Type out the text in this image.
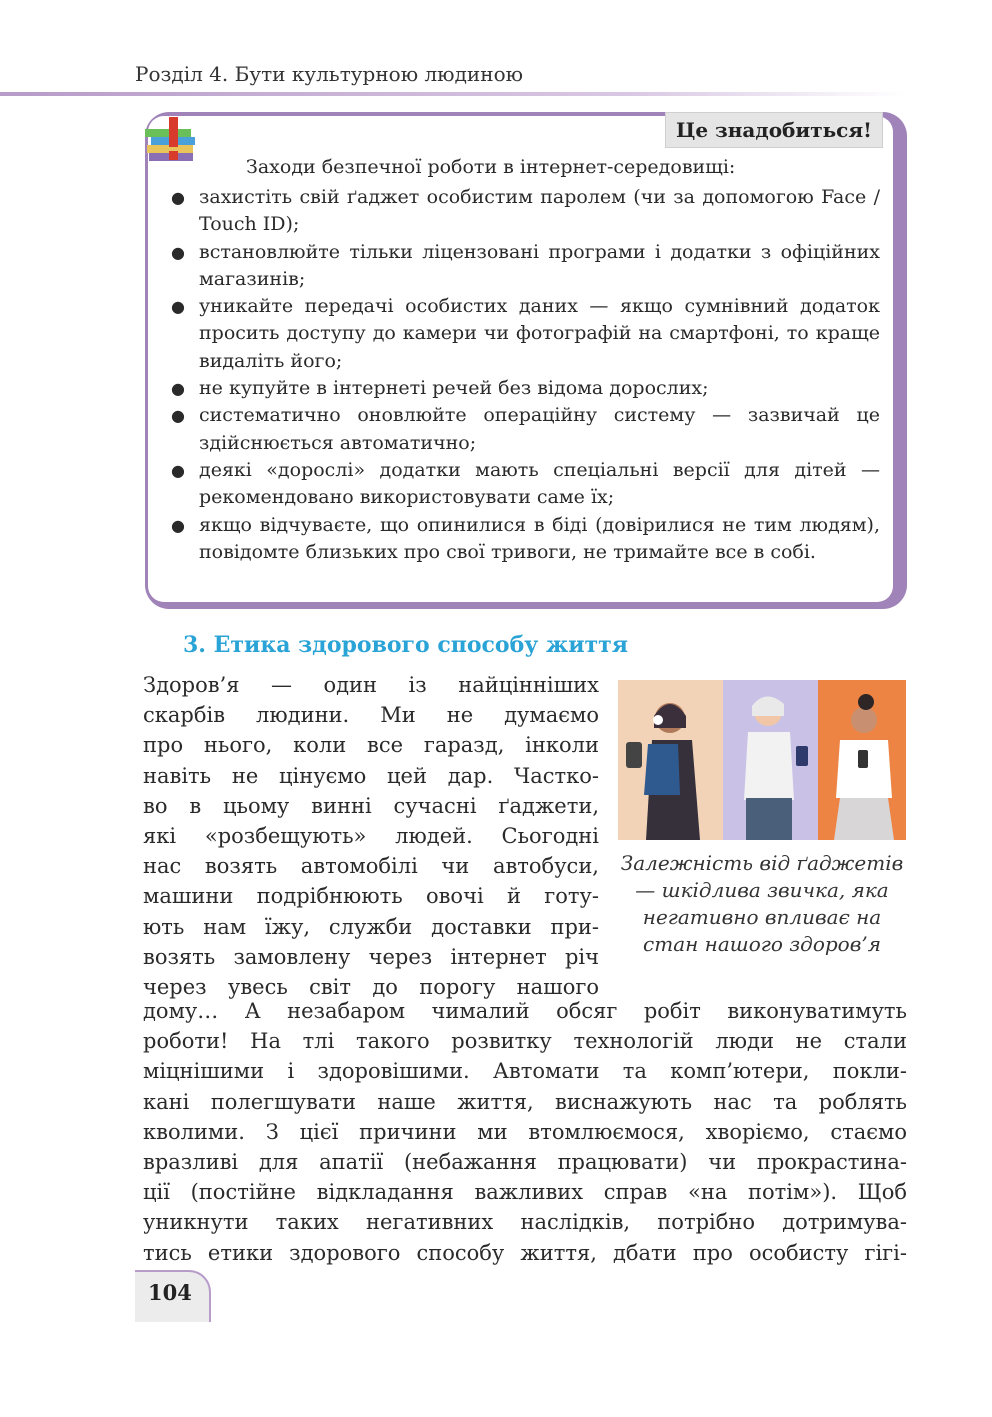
Розділ 4. Бути культурною людиною
Це знадобиться!
Заходи безпечної роботи в інтернет-середовищі:
● захистіть свій ґаджет особистим паролем (чи за допомогою Face / Touch ID);
● встановлюйте тільки ліцензовані програми і додатки з офіційних магазинів;
● уникайте передачі особистих даних — якщо сумнівний додаток просить доступу до камери чи фотографій на смартфоні, то краще видаліть його;
● не купуйте в інтернеті речей без відома дорослих;
● систематично оновлюйте операційну систему — зазвичай це здійснюється автоматично;
● деякі «дорослі» додатки мають спеціальні версії для дітей — рекомендовано використовувати саме їх;
● якщо відчуваєте, що опинилися в біді (довірилися не тим людям), повідомте близьких про свої тривоги, не тримайте все в собі.
3. Етика здорового способу життя
Здоров’я — один із найцінніших
скарбів людини. Ми не думаємо
про нього, коли все гаразд, інколи
навіть не цінуємо цей дар. Частко-
во в цьому винні сучасні ґаджети,
які «розбещують» людей. Сьогодні
нас возять автомобілі чи автобуси,
машини подрібнюють овочі й готу-
ють нам їжу, служби доставки при-
возять замовлену через інтернет річ
через увесь світ до порогу нашого
Залежність від ґаджетів — шкідлива звичка, яка негативно впливає на стан нашого здоров’я
дому… А незабаром чималий обсяг робіт виконуватимуть
роботи! На тлі такого розвитку технологій люди не стали
міцнішими і здоровішими. Автомати та комп’ютери, покли-
кані полегшувати наше життя, виснажують нас та роблять
кволими. З цієї причини ми втомлюємося, хворіємо, стаємо
вразливі для апатії (небажання працювати) чи прокрастина-
ції (постійне відкладання важливих справ «на потім»). Щоб
уникнути таких негативних наслідків, потрібно дотримува-
тись етики здорового способу життя, дбати про особисту гігі-
104
